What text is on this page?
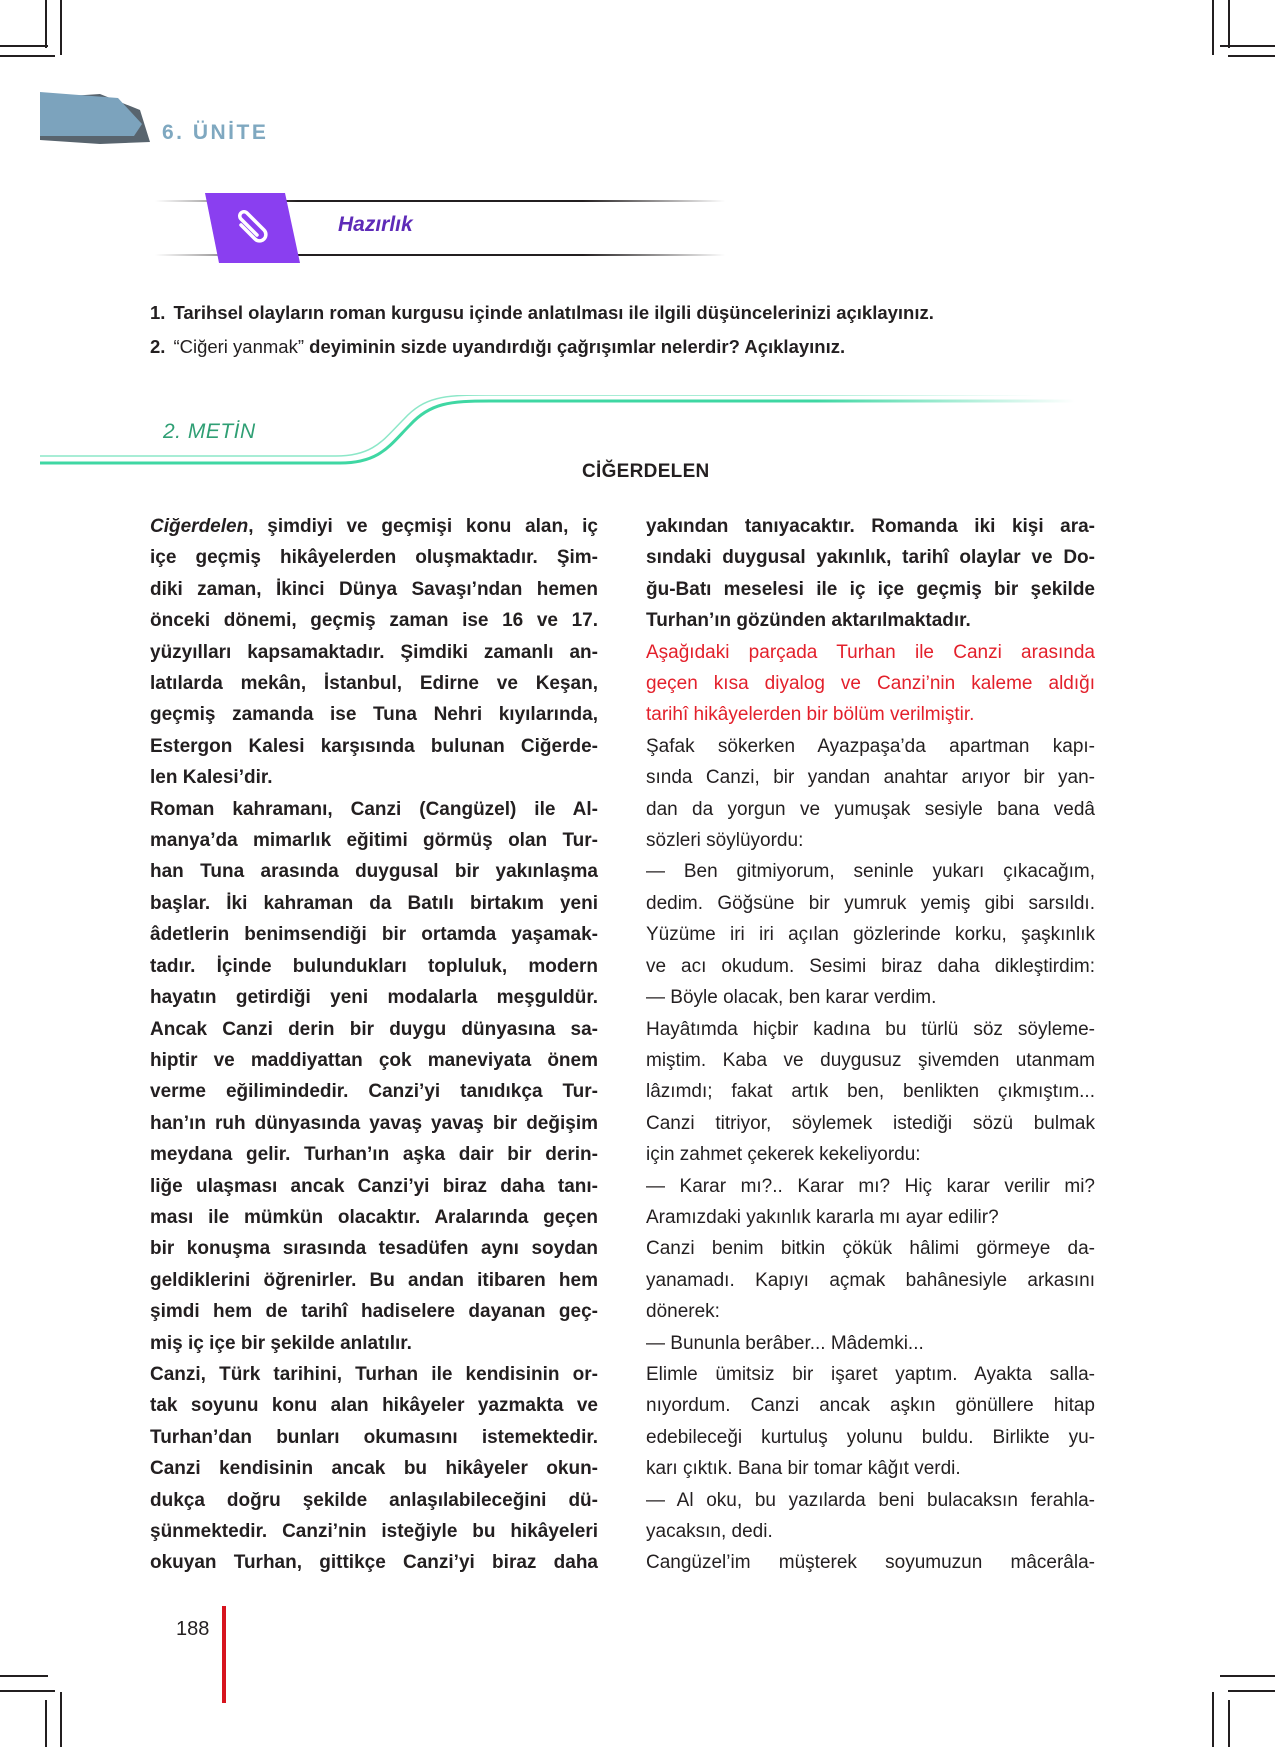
6. ÜNİTE
Hazırlık
1. Tarihsel olayların roman kurgusu içinde anlatılması ile ilgili düşüncelerinizi açıklayınız.
2. “Ciğeri yanmak” deyiminin sizde uyandırdığı çağrışımlar nelerdir? Açıklayınız.
2. METİN
CİĞERDELEN
Ciğerdelen, şimdiyi ve geçmişi konu alan, iç
içe geçmiş hikâyelerden oluşmaktadır. Şim-
diki zaman, İkinci Dünya Savaşı’ndan hemen
önceki dönemi, geçmiş zaman ise 16 ve 17.
yüzyılları kapsamaktadır. Şimdiki zamanlı an-
latılarda mekân, İstanbul, Edirne ve Keşan,
geçmiş zamanda ise Tuna Nehri kıyılarında,
Estergon Kalesi karşısında bulunan Ciğerde-
len Kalesi’dir.
Roman kahramanı, Canzi (Cangüzel) ile Al-
manya’da mimarlık eğitimi görmüş olan Tur-
han Tuna arasında duygusal bir yakınlaşma
başlar. İki kahraman da Batılı birtakım yeni
âdetlerin benimsendiği bir ortamda yaşamak-
tadır. İçinde bulundukları topluluk, modern
hayatın getirdiği yeni modalarla meşguldür.
Ancak Canzi derin bir duygu dünyasına sa-
hiptir ve maddiyattan çok maneviyata önem
verme eğilimindedir. Canzi’yi tanıdıkça Tur-
han’ın ruh dünyasında yavaş yavaş bir değişim
meydana gelir. Turhan’ın aşka dair bir derin-
liğe ulaşması ancak Canzi’yi biraz daha tanı-
ması ile mümkün olacaktır. Aralarında geçen
bir konuşma sırasında tesadüfen aynı soydan
geldiklerini öğrenirler. Bu andan itibaren hem
şimdi hem de tarihî hadiselere dayanan geç-
miş iç içe bir şekilde anlatılır.
Canzi, Türk tarihini, Turhan ile kendisinin or-
tak soyunu konu alan hikâyeler yazmakta ve
Turhan’dan bunları okumasını istemektedir.
Canzi kendisinin ancak bu hikâyeler okun-
dukça doğru şekilde anlaşılabileceğini dü-
şünmektedir. Canzi’nin isteğiyle bu hikâyeleri
okuyan Turhan, gittikçe Canzi’yi biraz daha
yakından tanıyacaktır. Romanda iki kişi ara-
sındaki duygusal yakınlık, tarihî olaylar ve Do-
ğu-Batı meselesi ile iç içe geçmiş bir şekilde
Turhan’ın gözünden aktarılmaktadır.
Aşağıdaki parçada Turhan ile Canzi arasında
geçen kısa diyalog ve Canzi’nin kaleme aldığı
tarihî hikâyelerden bir bölüm verilmiştir.
Şafak sökerken Ayazpaşa’da apartman kapı-
sında Canzi, bir yandan anahtar arıyor bir yan-
dan da yorgun ve yumuşak sesiyle bana vedâ
sözleri söylüyordu:
— Ben gitmiyorum, seninle yukarı çıkacağım,
dedim. Göğsüne bir yumruk yemiş gibi sarsıldı.
Yüzüme iri iri açılan gözlerinde korku, şaşkınlık
ve acı okudum. Sesimi biraz daha dikleştirdim:
— Böyle olacak, ben karar verdim.
Hayâtımda hiçbir kadına bu türlü söz söyleme-
miştim. Kaba ve duygusuz şivemden utanmam
lâzımdı; fakat artık ben, benlikten çıkmıştım...
Canzi titriyor, söylemek istediği sözü bulmak
için zahmet çekerek kekeliyordu:
— Karar mı?.. Karar mı? Hiç karar verilir mi?
Aramızdaki yakınlık kararla mı ayar edilir?
Canzi benim bitkin çökük hâlimi görmeye da-
yanamadı. Kapıyı açmak bahânesiyle arkasını
dönerek:
— Bununla berâber... Mâdemki...
Elimle ümitsiz bir işaret yaptım. Ayakta salla-
nıyordum. Canzi ancak aşkın gönüllere hitap
edebileceği kurtuluş yolunu buldu. Birlikte yu-
karı çıktık. Bana bir tomar kâğıt verdi.
— Al oku, bu yazılarda beni bulacaksın ferahla-
yacaksın, dedi.
Cangüzel’im müşterek soyumuzun mâcerâla-
188
